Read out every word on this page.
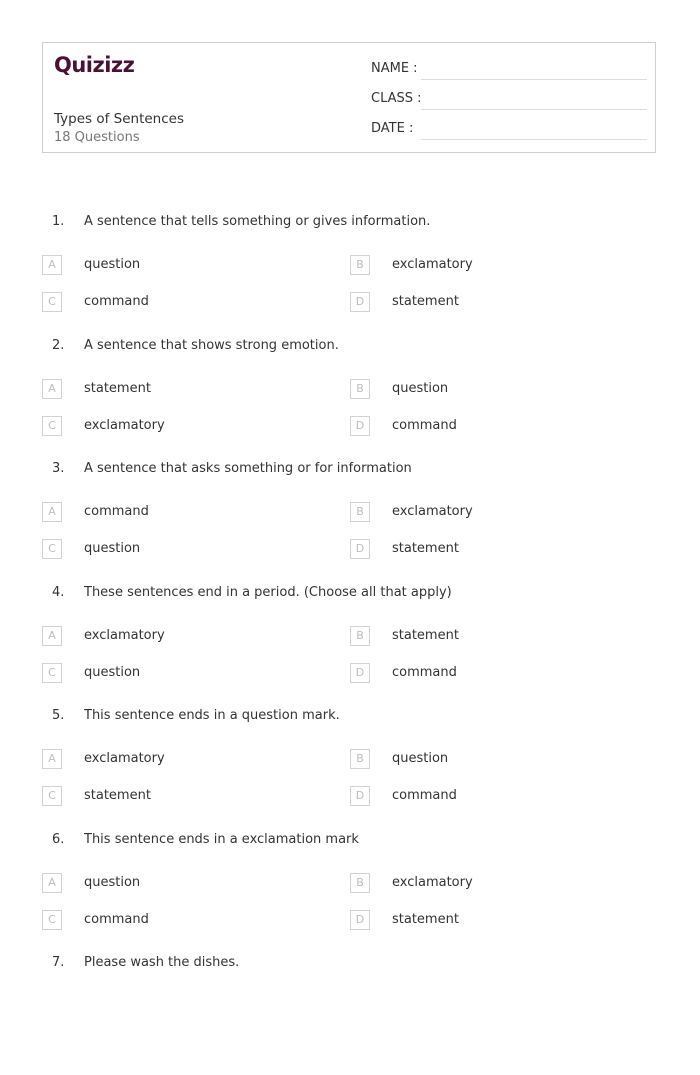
Quizizz
Types of Sentences
18 Questions
NAME :
CLASS :
DATE :
1.	A sentence that tells something or gives information.
A	question	B	exclamatory
C	command	D	statement
2.	A sentence that shows strong emotion.
A	statement	B	question
C	exclamatory	D	command
3.	A sentence that asks something or for information
A	command	B	exclamatory
C	question	D	statement
4.	These sentences end in a period. (Choose all that apply)
A	exclamatory	B	statement
C	question	D	command
5.	This sentence ends in a question mark.
A	exclamatory	B	question
C	statement	D	command
6.	This sentence ends in a exclamation mark
A	question	B	exclamatory
C	command	D	statement
7.	Please wash the dishes.
